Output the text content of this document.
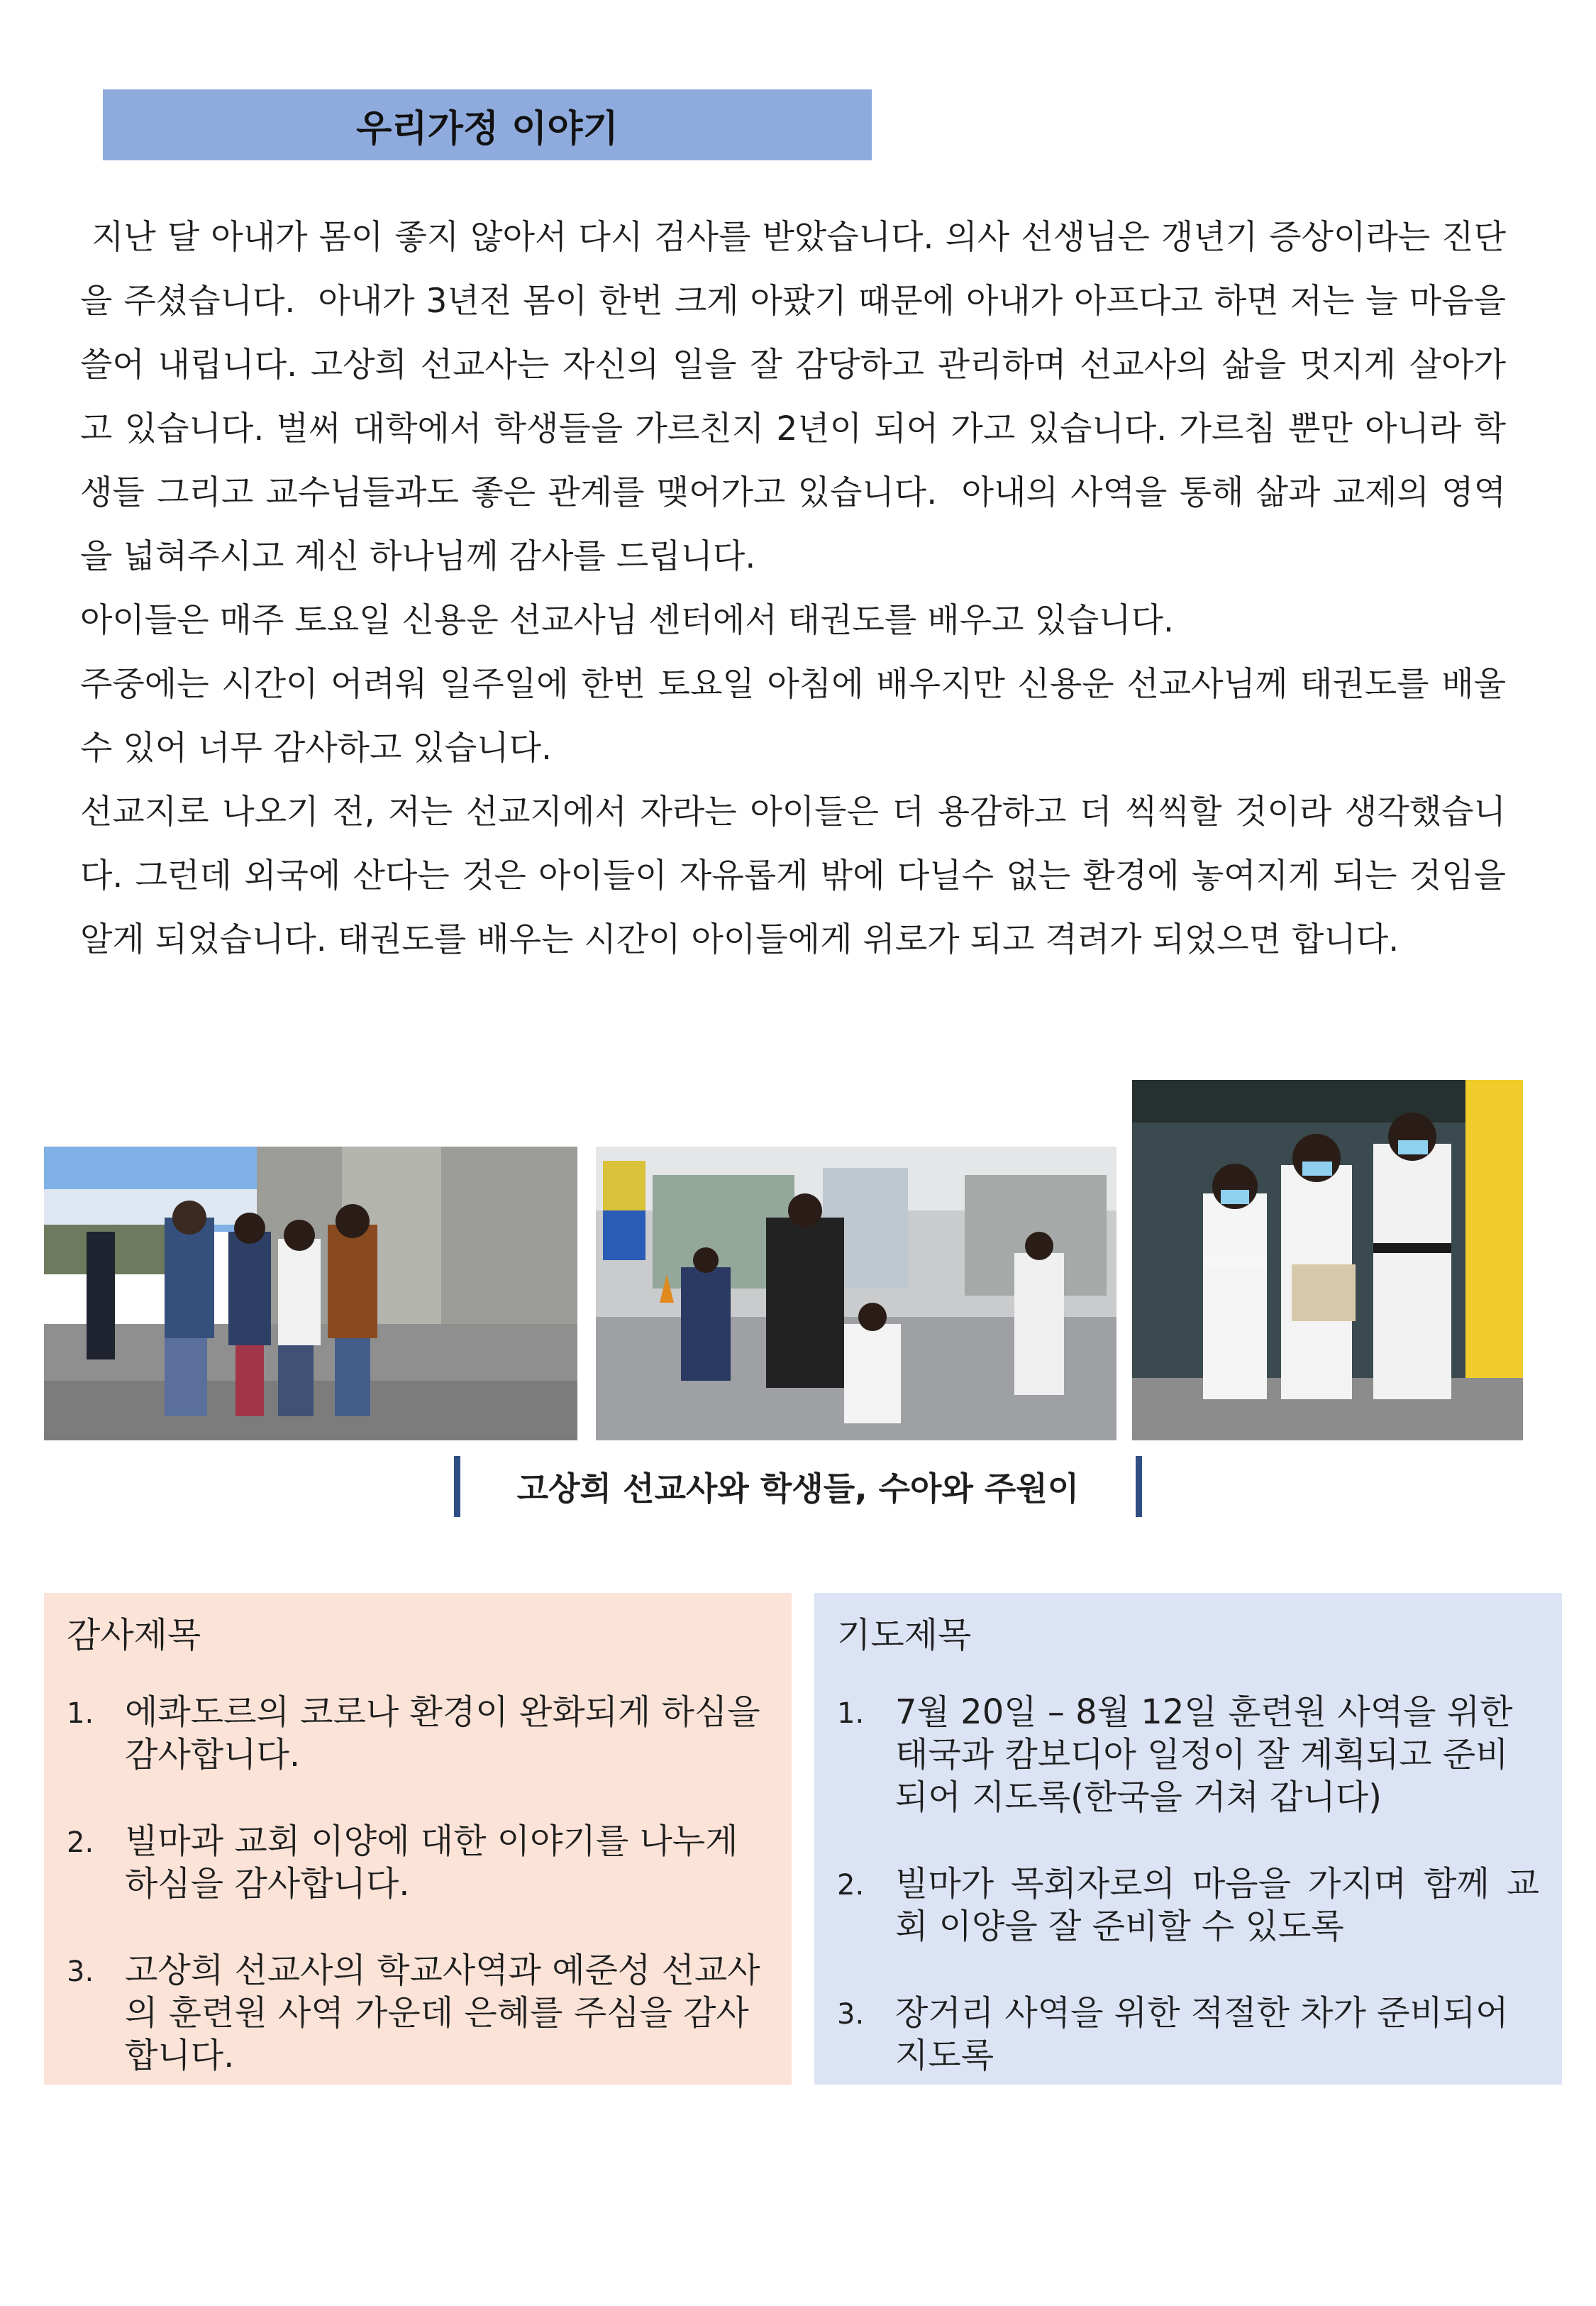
우리가정 이야기

지난 달 아내가 몸이 좋지 않아서 다시 검사를 받았습니다. 의사 선생님은 갱년기 증상이라는 진단을 주셨습니다.  아내가 3년전 몸이 한번 크게 아팠기 때문에 아내가 아프다고 하면 저는 늘 마음을 쓸어 내립니다. 고상희 선교사는 자신의 일을 잘 감당하고 관리하며 선교사의 삶을 멋지게 살아가고 있습니다. 벌써 대학에서 학생들을 가르친지 2년이 되어 가고 있습니다. 가르침 뿐만 아니라 학생들 그리고 교수님들과도 좋은 관계를 맺어가고 있습니다.  아내의 사역을 통해 삶과 교제의 영역을 넓혀주시고 계신 하나님께 감사를 드립니다.

아이들은 매주 토요일 신용운 선교사님 센터에서 태권도를 배우고 있습니다.

주중에는 시간이 어려워 일주일에 한번 토요일 아침에 배우지만 신용운 선교사님께 태권도를 배울 수 있어 너무 감사하고 있습니다.

선교지로 나오기 전, 저는 선교지에서 자라는 아이들은 더 용감하고 더 씩씩할 것이라 생각했습니다. 그런데 외국에 산다는 것은 아이들이 자유롭게 밖에 다닐수 없는 환경에 놓여지게 되는 것임을 알게 되었습니다. 태권도를 배우는 시간이 아이들에게 위로가 되고 격려가 되었으면 합니다.

고상희 선교사와 학생들, 수아와 주원이
감사제목
1. 에콰도르의 코로나 환경이 완화되게 하심을 감사합니다.
2. 빌마과 교회 이양에 대한 이야기를 나누게 하심을 감사합니다.
3. 고상희 선교사의 학교사역과 예준성 선교사의 훈련원 사역 가운데 은혜를 주심을 감사합니다.
기도제목
1. 7월 20일 – 8월 12일 훈련원 사역을 위한 태국과 캄보디아 일정이 잘 계획되고 준비되어 지도록(한국을 거쳐 갑니다)
2. 빌마가 목회자로의 마음을 가지며 함께 교회 이양을 잘 준비할 수 있도록
3. 장거리 사역을 위한 적절한 차가 준비되어 지도록
